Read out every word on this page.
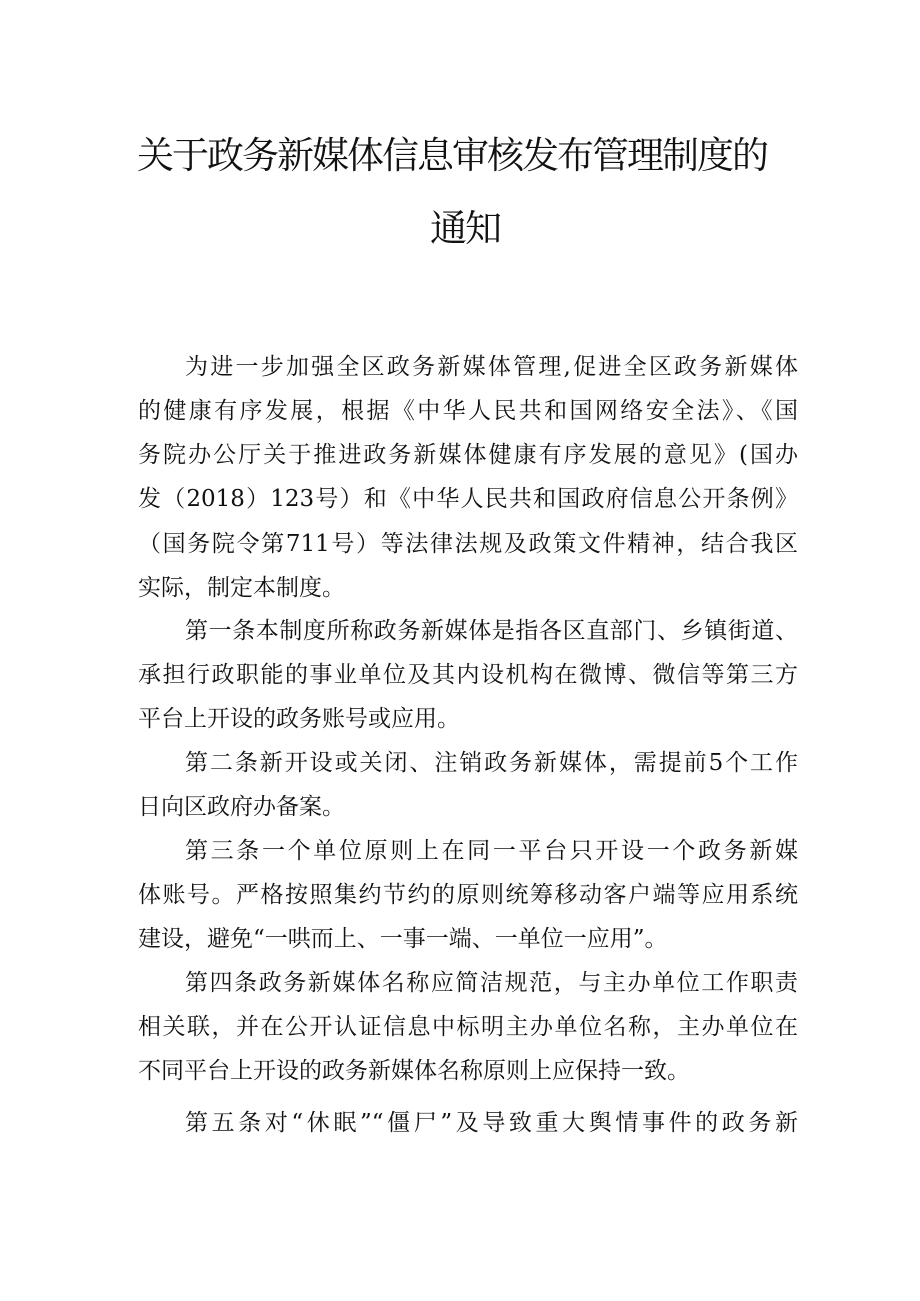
关于政务新媒体信息审核发布管理制度的
通知
为进一步加强全区政务新媒体管理,促进全区政务新媒体
的健康有序发展，根据《中华人民共和国网络安全法》、《国
务院办公厅关于推进政务新媒体健康有序发展的意见》(国办
发（2018）123号）和《中华人民共和国政府信息公开条例》
（国务院令第711号）等法律法规及政策文件精神，结合我区
实际，制定本制度。
第一条本制度所称政务新媒体是指各区直部门、乡镇街道、
承担行政职能的事业单位及其内设机构在微博、微信等第三方
平台上开设的政务账号或应用。
第二条新开设或关闭、注销政务新媒体，需提前5个工作
日向区政府办备案。
第三条一个单位原则上在同一平台只开设一个政务新媒
体账号。严格按照集约节约的原则统筹移动客户端等应用系统
建设，避免“一哄而上、一事一端、一单位一应用”。
第四条政务新媒体名称应简洁规范，与主办单位工作职责
相关联，并在公开认证信息中标明主办单位名称，主办单位在
不同平台上开设的政务新媒体名称原则上应保持一致。
第五条对“休眠”“僵尸”及导致重大舆情事件的政务新
